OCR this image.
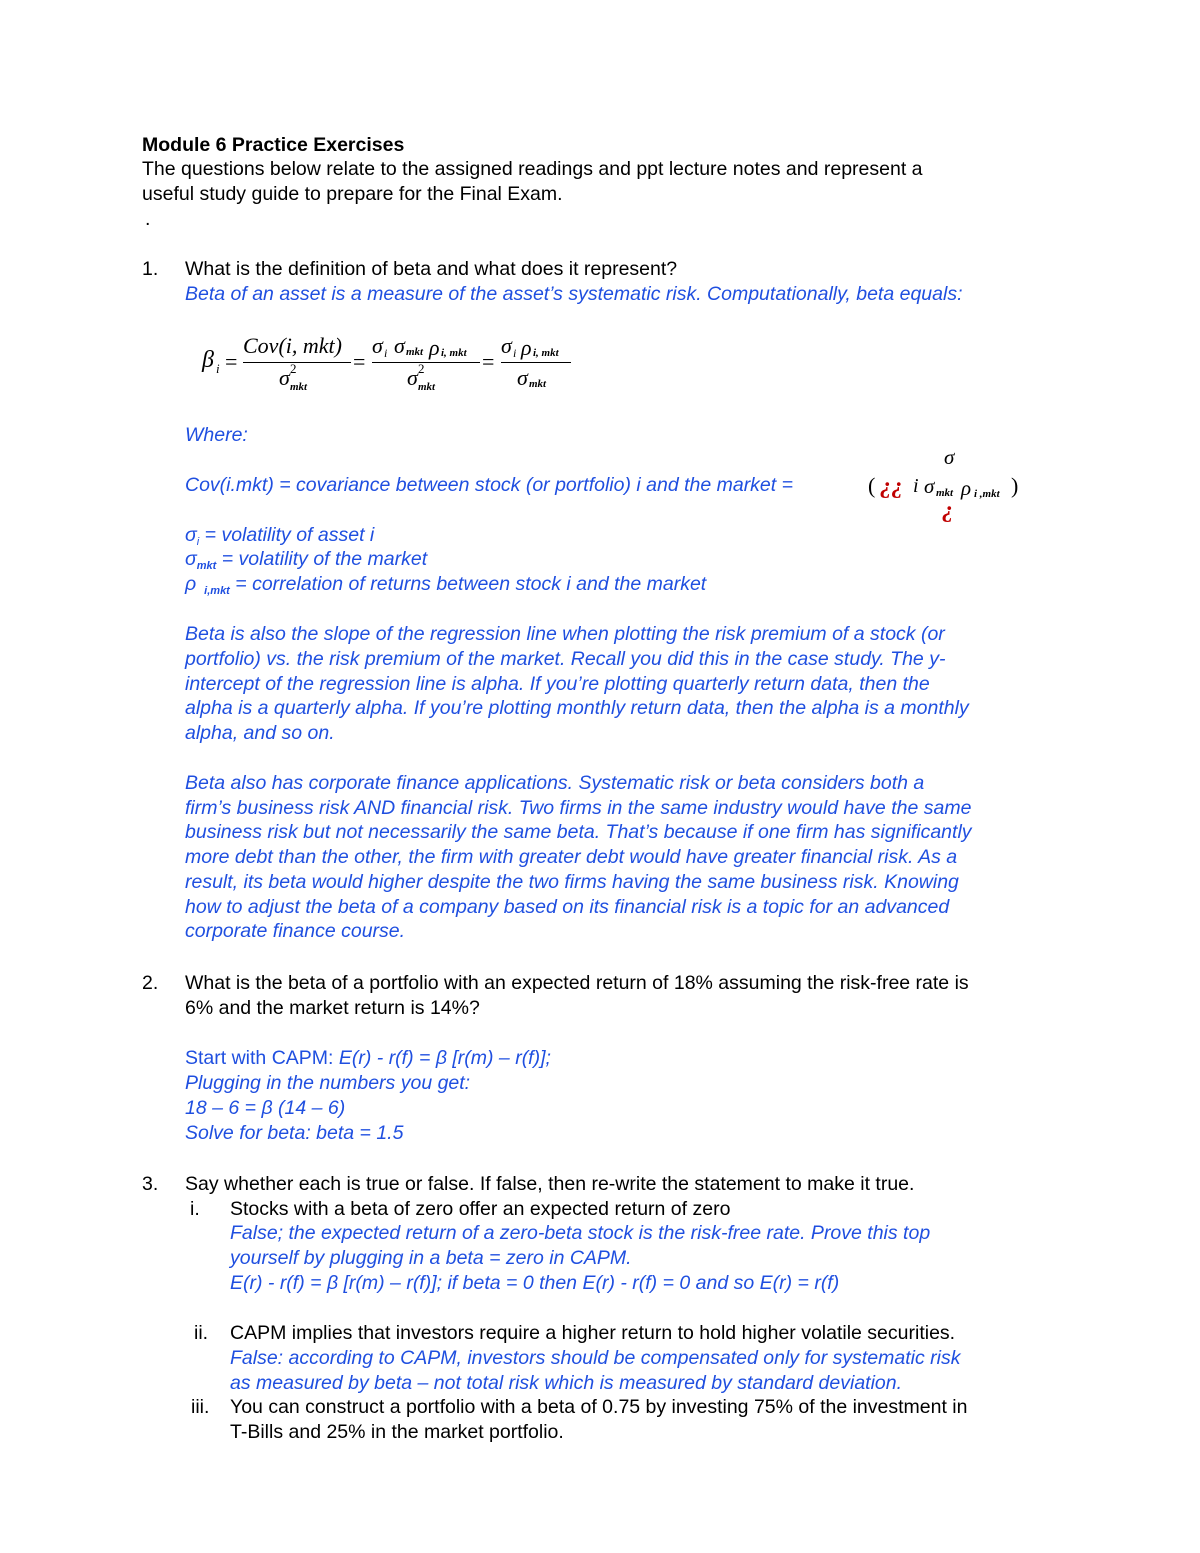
Module 6 Practice Exercises
The questions below relate to the assigned readings and ppt lecture notes and represent a
useful study guide to prepare for the Final Exam.
.
1. What is the definition of beta and what does it represent?
Beta of an asset is a measure of the asset’s systematic risk. Computationally, beta equals:
β i =
Cov(i, mkt)
σ 2
mkt
=
σ i σ mkt ρ i, mkt
σ 2
mkt
=
σ i ρ i, mkt
σ mkt
Where:
Cov(i.mkt) = covariance between stock (or portfolio) i and the market =
σ
( ¿¿ i σ mkt ρ i ,mkt )
¿
$\sigma_i$ = volatility of asset i
$\sigma_{mkt}$ = volatility of the market
ρ $_{i,mkt}$ = correlation of returns between stock i and the market
Beta is also the slope of the regression line when plotting the risk premium of a stock (or
portfolio) vs. the risk premium of the market. Recall you did this in the case study. The y-
intercept of the regression line is alpha. If you’re plotting quarterly return data, then the
alpha is a quarterly alpha. If you’re plotting monthly return data, then the alpha is a monthly
alpha, and so on.
Beta also has corporate finance applications. Systematic risk or beta considers both a
firm’s business risk AND financial risk. Two firms in the same industry would have the same
business risk but not necessarily the same beta. That’s because if one firm has significantly
more debt than the other, the firm with greater debt would have greater financial risk. As a
result, its beta would higher despite the two firms having the same business risk. Knowing
how to adjust the beta of a company based on its financial risk is a topic for an advanced
corporate finance course.
2. What is the beta of a portfolio with an expected return of 18% assuming the risk-free rate is
6% and the market return is 14%?
Start with CAPM: E(r) - r(f) = β [r(m) – r(f)];
Plugging in the numbers you get:
18 – 6 = β (14 – 6)
Solve for beta: beta = 1.5
3. Say whether each is true or false. If false, then re-write the statement to make it true.
i. Stocks with a beta of zero offer an expected return of zero
False; the expected return of a zero-beta stock is the risk-free rate. Prove this top
yourself by plugging in a beta = zero in CAPM.
E(r) - r(f) = β [r(m) – r(f)]; if beta = 0 then E(r) - r(f) = 0 and so E(r) = r(f)
ii. CAPM implies that investors require a higher return to hold higher volatile securities.
False: according to CAPM, investors should be compensated only for systematic risk
as measured by beta – not total risk which is measured by standard deviation.
iii. You can construct a portfolio with a beta of 0.75 by investing 75% of the investment in
T-Bills and 25% in the market portfolio.
